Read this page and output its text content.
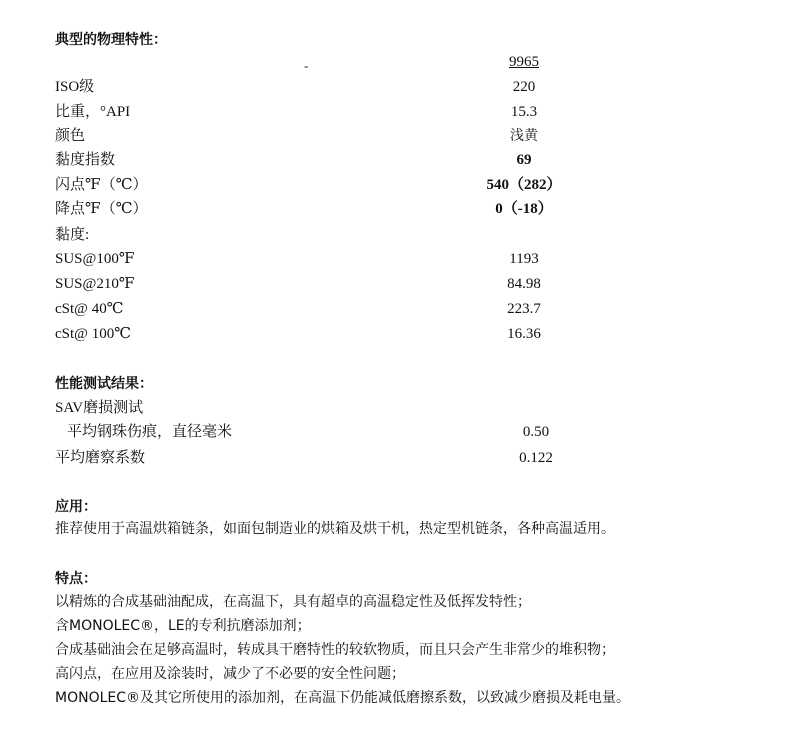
典型的物理特性：
-	9965
ISO级	220
比重，°API	15.3
颜色	浅黄
黏度指数	69
闪点℉（℃）	540（282）
降点℉（℃）	0（-18）
黏度:
SUS@100℉	1193
SUS@210℉	84.98
cSt@ 40℃	223.7
cSt@ 100℃	16.36
性能测试结果：
SAV磨损测试
平均钢珠伤痕，直径毫米	0.50
平均磨察系数	0.122
应用：
推荐使用于高温烘箱链条，如面包制造业的烘箱及烘干机，热定型机链条，各种高温适用。
特点：
以精炼的合成基础油配成，在高温下，具有超卓的高温稳定性及低挥发特性；
含MONOLEC®，LE的专利抗磨添加剂；
合成基础油会在足够高温时，转成具干磨特性的较软物质，而且只会产生非常少的堆积物；
高闪点，在应用及涂装时，减少了不必要的安全性问题；
MONOLEC®及其它所使用的添加剂，在高温下仍能减低磨擦系数，以致减少磨损及耗电量。
